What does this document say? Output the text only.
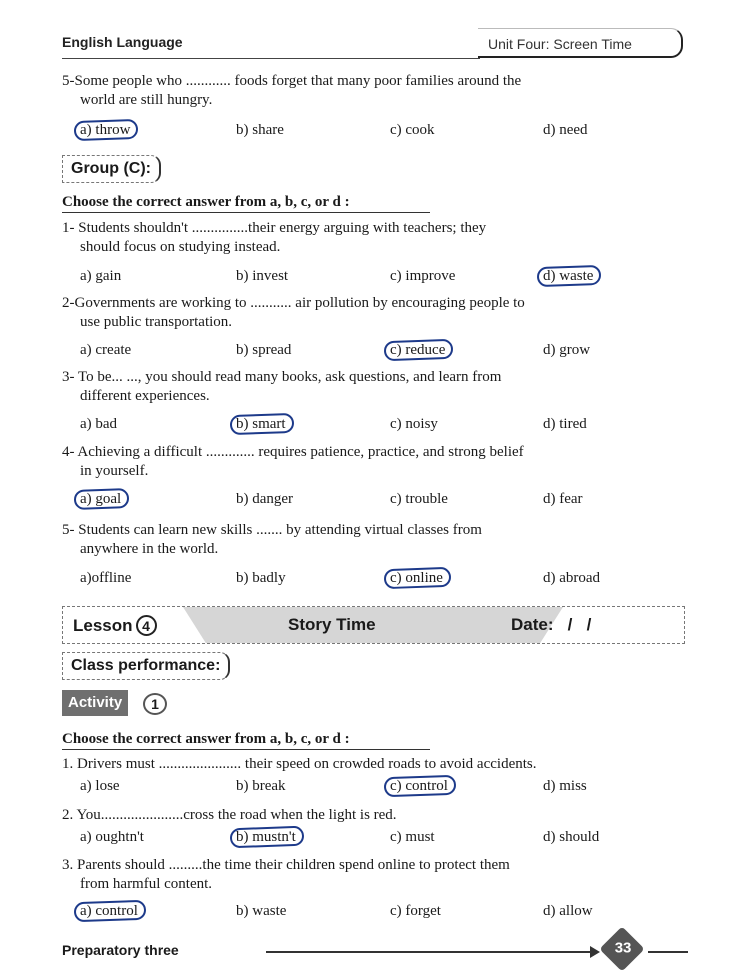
English Language	Unit Four: Screen Time
5-Some people who ............ foods forget that many poor families around the
world are still hungry.
a) throw	b) share	c) cook	d) need
Group (C):
Choose the correct answer from a, b, c, or d :
1- Students shouldn't ...............their energy arguing with teachers; they
should focus on studying instead.
a) gain	b) invest	c) improve	d) waste
2-Governments are working to ........... air pollution by encouraging people to
use public transportation.
a) create	b) spread	c) reduce	d) grow
3- To be... ..., you should read many books, ask questions, and learn from
different experiences.
a) bad	b) smart	c) noisy	d) tired
4- Achieving a difficult ............. requires patience, practice, and strong belief
in yourself.
a) goal	b) danger	c) trouble	d) fear
5- Students can learn new skills ....... by attending virtual classes from
anywhere in the world.
a)offline	b) badly	c) online	d) abroad
Lesson 4	Story Time	Date:   /   /
Class performance:
Activity	1
Choose the correct answer from a, b, c, or d :
1. Drivers must ...................... their speed on crowded roads to avoid accidents.
a) lose	b) break	c) control	d) miss
2. You......................cross the road when the light is red.
a) oughtn't	b) mustn't	c) must	d) should
3. Parents should .........the time their children spend online to protect them
from harmful content.
a) control	b) waste	c) forget	d) allow
Preparatory three	33
